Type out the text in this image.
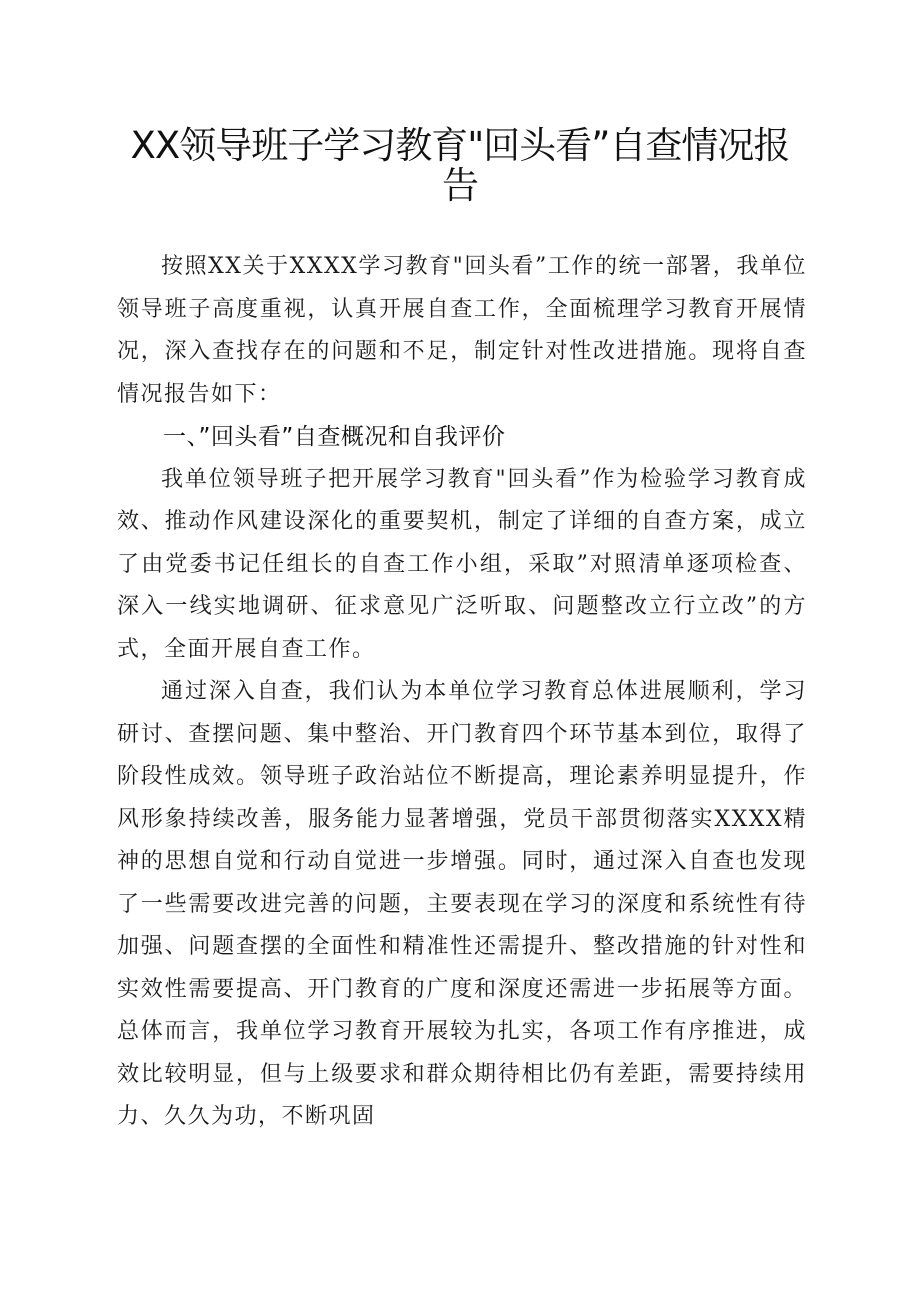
XX领导班子学习教育"回头看”自查情况报告

按照XX关于XXXX学习教育"回头看”工作的统一部署，我单位领导班子高度重视，认真开展自查工作，全面梳理学习教育开展情况，深入查找存在的问题和不足，制定针对性改进措施。现将自查情况报告如下：

一、”回头看”自查概况和自我评价

我单位领导班子把开展学习教育"回头看”作为检验学习教育成效、推动作风建设深化的重要契机，制定了详细的自查方案，成立了由党委书记任组长的自查工作小组，采取”对照清单逐项检查、深入一线实地调研、征求意见广泛听取、问题整改立行立改”的方式，全面开展自查工作。

通过深入自查，我们认为本单位学习教育总体进展顺利，学习研讨、查摆问题、集中整治、开门教育四个环节基本到位，取得了阶段性成效。领导班子政治站位不断提高，理论素养明显提升，作风形象持续改善，服务能力显著增强，党员干部贯彻落实XXXX精神的思想自觉和行动自觉进一步增强。同时，通过深入自查也发现了一些需要改进完善的问题，主要表现在学习的深度和系统性有待加强、问题查摆的全面性和精准性还需提升、整改措施的针对性和实效性需要提高、开门教育的广度和深度还需进一步拓展等方面。总体而言，我单位学习教育开展较为扎实，各项工作有序推进，成效比较明显，但与上级要求和群众期待相比仍有差距，需要持续用力、久久为功，不断巩固
